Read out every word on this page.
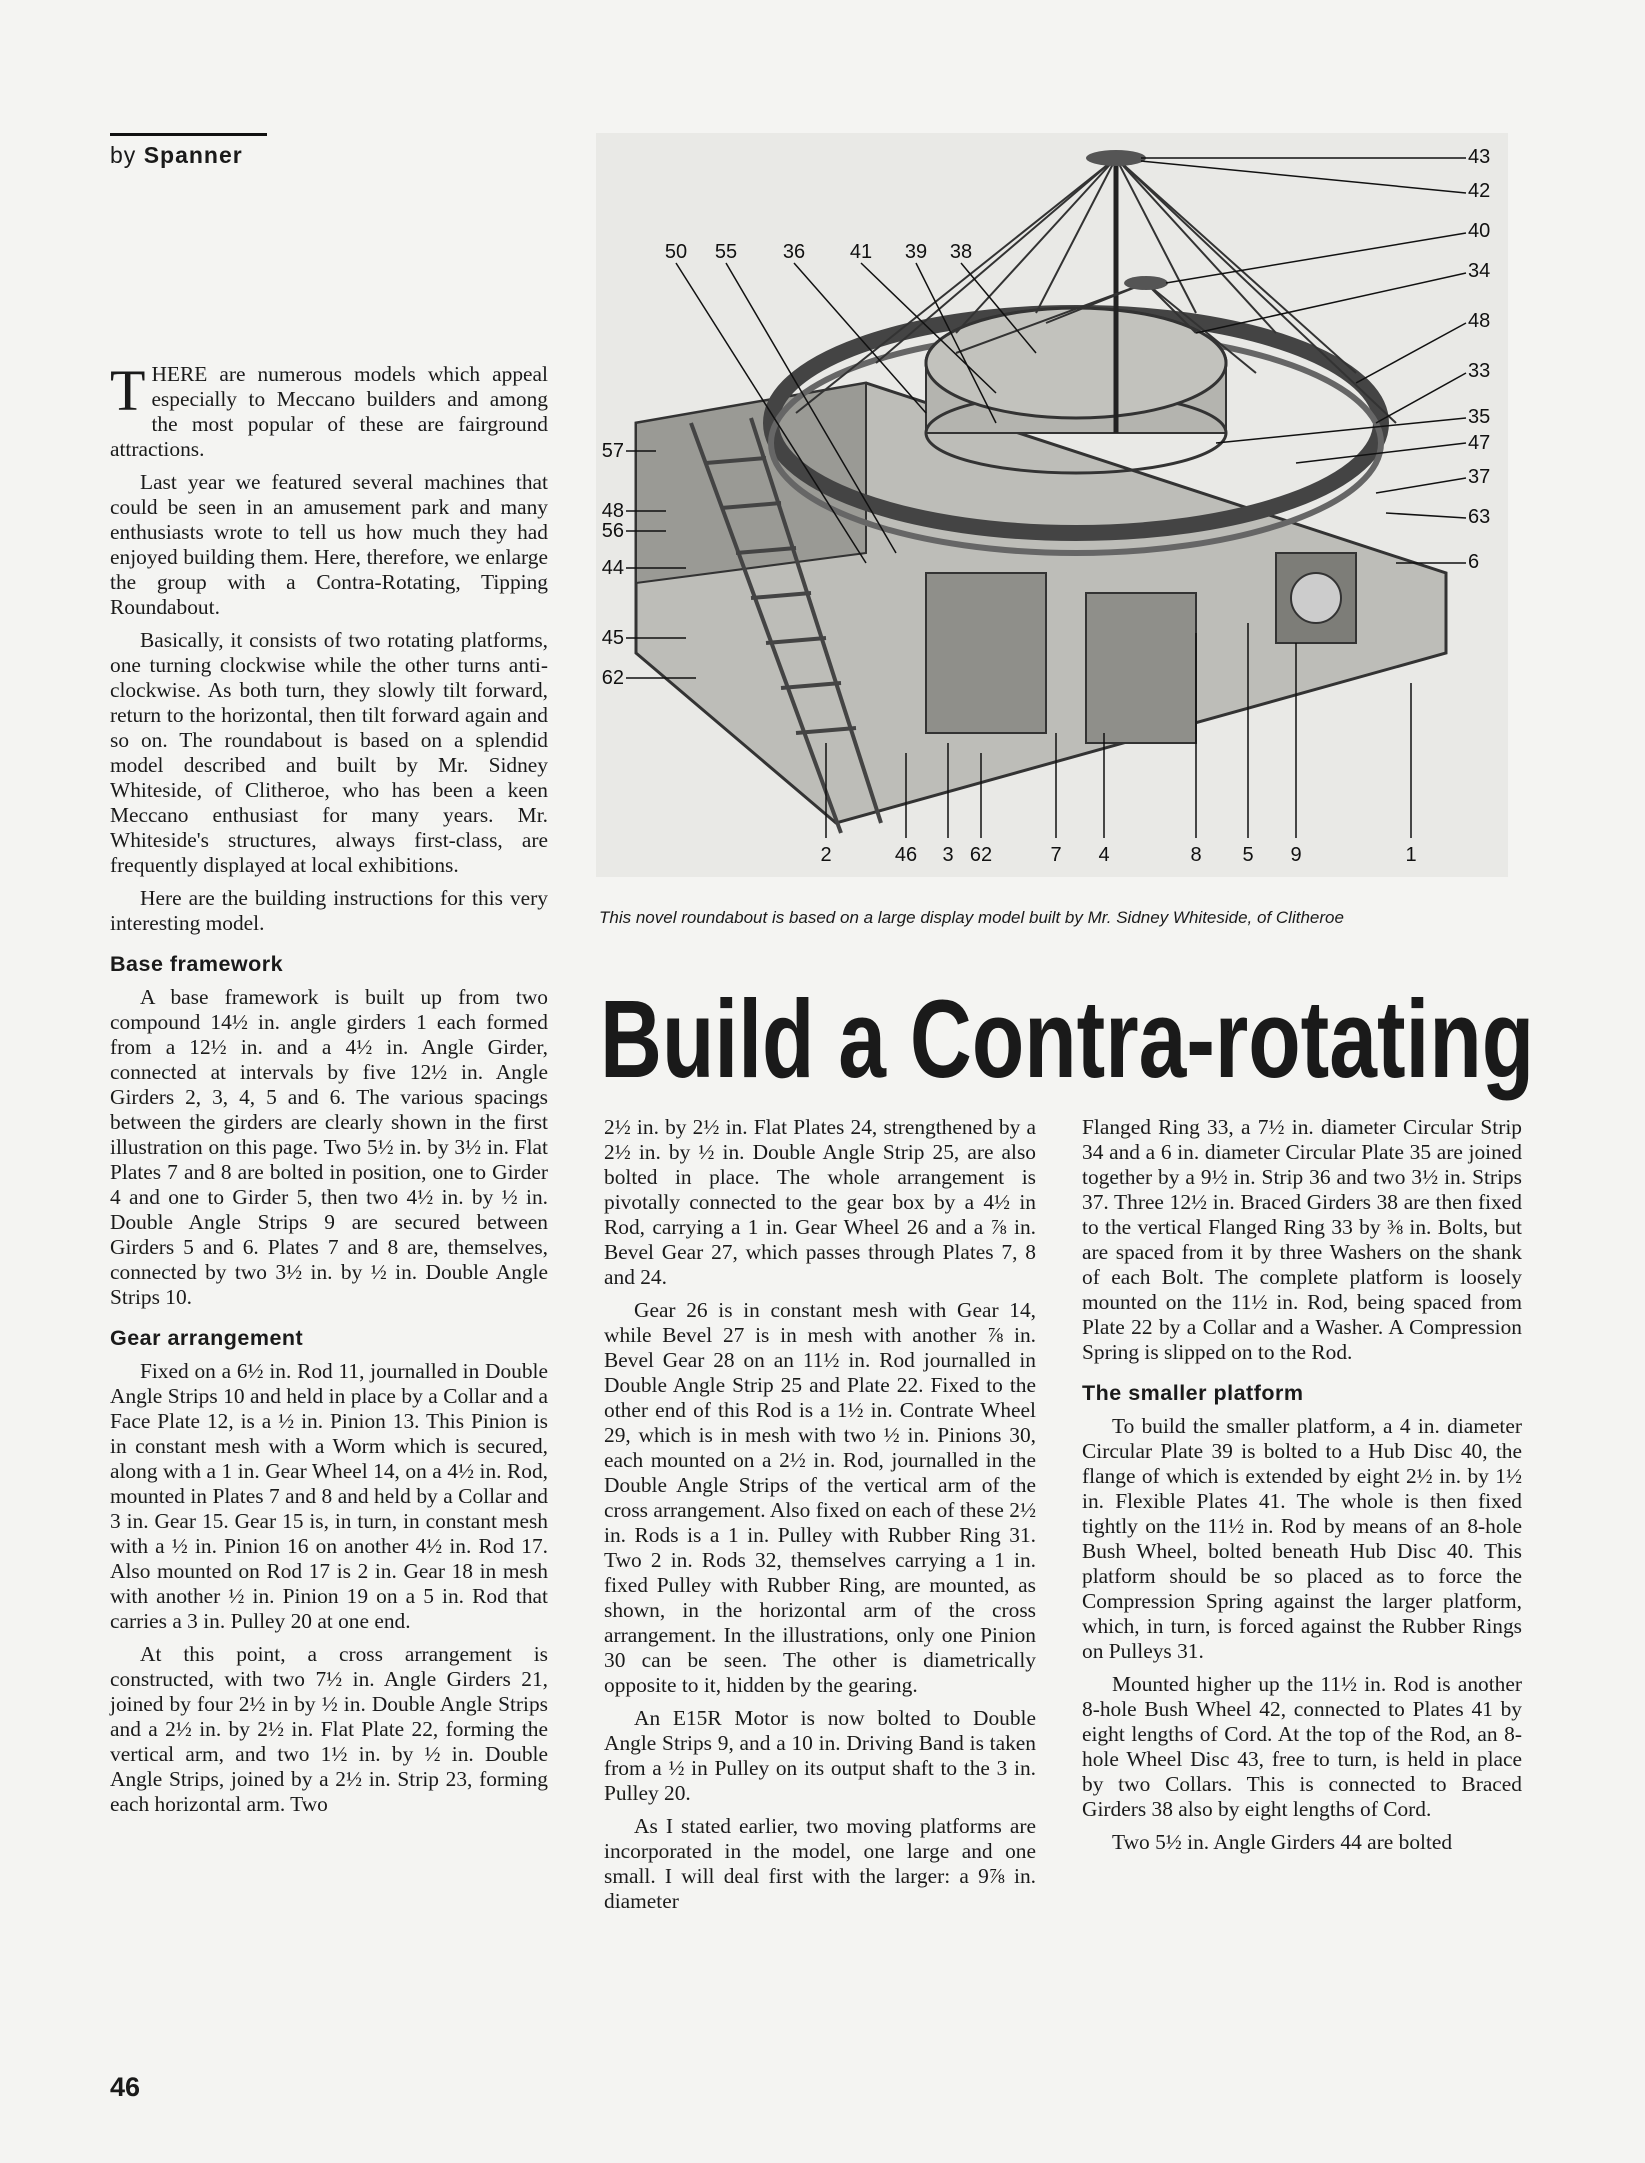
by Spanner
50 55 36 41 39 38
43
42
40
34
48
33
35
47
37
63
6
57
48
56
44
45
62
2	46 3 62	7 4	8 5 9	1
This novel roundabout is based on a large display model built by Mr. Sidney Whiteside, of Clitheroe
Build a Contra-rotating

THERE are numerous models which appeal especially to Meccano builders and among the most popular of these are fairground attractions.

Last year we featured several machines that could be seen in an amusement park and many enthusiasts wrote to tell us how much they had enjoyed building them. Here, therefore, we enlarge the group with a Contra-Rotating, Tipping Roundabout.

Basically, it consists of two rotating platforms, one turning clockwise while the other turns anti-clockwise. As both turn, they slowly tilt forward, return to the horizontal, then tilt forward again and so on. The roundabout is based on a splendid model described and built by Mr. Sidney Whiteside, of Clitheroe, who has been a keen Meccano enthusiast for many years. Mr. Whiteside's structures, always first-class, are frequently displayed at local exhibitions.

Here are the building instructions for this very interesting model.

Base framework

A base framework is built up from two compound 14½ in. angle girders 1 each formed from a 12½ in. and a 4½ in. Angle Girder, connected at intervals by five 12½ in. Angle Girders 2, 3, 4, 5 and 6. The various spacings between the girders are clearly shown in the first illustration on this page. Two 5½ in. by 3½ in. Flat Plates 7 and 8 are bolted in position, one to Girder 4 and one to Girder 5, then two 4½ in. by ½ in. Double Angle Strips 9 are secured between Girders 5 and 6. Plates 7 and 8 are, themselves, connected by two 3½ in. by ½ in. Double Angle Strips 10.

Gear arrangement

Fixed on a 6½ in. Rod 11, journalled in Double Angle Strips 10 and held in place by a Collar and a Face Plate 12, is a ½ in. Pinion 13. This Pinion is in constant mesh with a Worm which is secured, along with a 1 in. Gear Wheel 14, on a 4½ in. Rod, mounted in Plates 7 and 8 and held by a Collar and 3 in. Gear 15. Gear 15 is, in turn, in constant mesh with a ½ in. Pinion 16 on another 4½ in. Rod 17. Also mounted on Rod 17 is 2 in. Gear 18 in mesh with another ½ in. Pinion 19 on a 5 in. Rod that carries a 3 in. Pulley 20 at one end.

At this point, a cross arrangement is constructed, with two 7½ in. Angle Girders 21, joined by four 2½ in by ½ in. Double Angle Strips and a 2½ in. by 2½ in. Flat Plate 22, forming the vertical arm, and two 1½ in. by ½ in. Double Angle Strips, joined by a 2½ in. Strip 23, forming each horizontal arm. Two

2½ in. by 2½ in. Flat Plates 24, strengthened by a 2½ in. by ½ in. Double Angle Strip 25, are also bolted in place. The whole arrangement is pivotally connected to the gear box by a 4½ in Rod, carrying a 1 in. Gear Wheel 26 and a ⅞ in. Bevel Gear 27, which passes through Plates 7, 8 and 24.

Gear 26 is in constant mesh with Gear 14, while Bevel 27 is in mesh with another ⅞ in. Bevel Gear 28 on an 11½ in. Rod journalled in Double Angle Strip 25 and Plate 22. Fixed to the other end of this Rod is a 1½ in. Contrate Wheel 29, which is in mesh with two ½ in. Pinions 30, each mounted on a 2½ in. Rod, journalled in the Double Angle Strips of the vertical arm of the cross arrangement. Also fixed on each of these 2½ in. Rods is a 1 in. Pulley with Rubber Ring 31. Two 2 in. Rods 32, themselves carrying a 1 in. fixed Pulley with Rubber Ring, are mounted, as shown, in the horizontal arm of the cross arrangement. In the illustrations, only one Pinion 30 can be seen. The other is diametrically opposite to it, hidden by the gearing.

An E15R Motor is now bolted to Double Angle Strips 9, and a 10 in. Driving Band is taken from a ½ in Pulley on its output shaft to the 3 in. Pulley 20.

As I stated earlier, two moving platforms are incorporated in the model, one large and one small. I will deal first with the larger: a 9⅞ in. diameter

Flanged Ring 33, a 7½ in. diameter Circular Strip 34 and a 6 in. diameter Circular Plate 35 are joined together by a 9½ in. Strip 36 and two 3½ in. Strips 37. Three 12½ in. Braced Girders 38 are then fixed to the vertical Flanged Ring 33 by ⅜ in. Bolts, but are spaced from it by three Washers on the shank of each Bolt. The complete platform is loosely mounted on the 11½ in. Rod, being spaced from Plate 22 by a Collar and a Washer. A Compression Spring is slipped on to the Rod.

The smaller platform

To build the smaller platform, a 4 in. diameter Circular Plate 39 is bolted to a Hub Disc 40, the flange of which is extended by eight 2½ in. by 1½ in. Flexible Plates 41. The whole is then fixed tightly on the 11½ in. Rod by means of an 8-hole Bush Wheel, bolted beneath Hub Disc 40. This platform should be so placed as to force the Compression Spring against the larger platform, which, in turn, is forced against the Rubber Rings on Pulleys 31.

Mounted higher up the 11½ in. Rod is another 8-hole Bush Wheel 42, connected to Plates 41 by eight lengths of Cord. At the top of the Rod, an 8-hole Wheel Disc 43, free to turn, is held in place by two Collars. This is connected to Braced Girders 38 also by eight lengths of Cord.

Two 5½ in. Angle Girders 44 are bolted

46
